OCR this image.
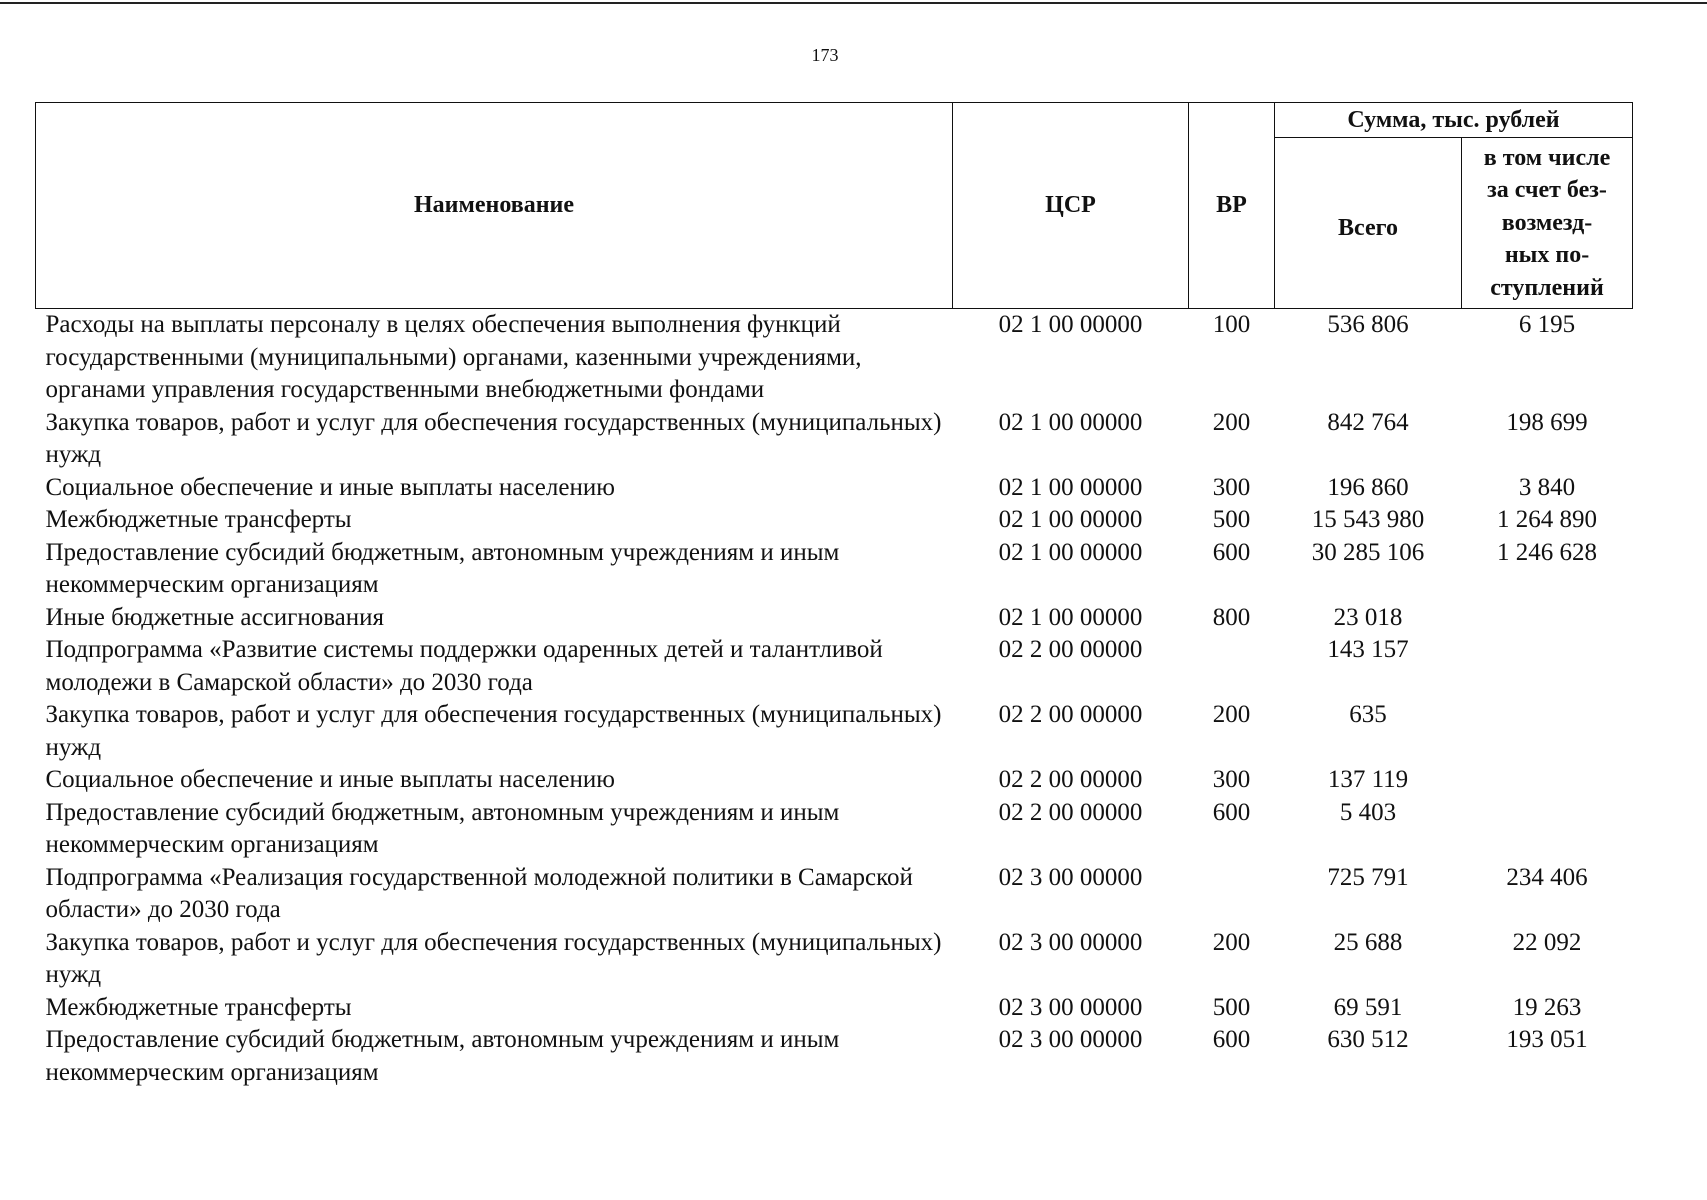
173
Наименование	ЦСР	ВР	Сумма, тыс. рублей	
			Всего	в том числе
за счет без-
возмезд-
ных по-
ступлений
Расходы на выплаты персоналу в целях обеспечения выполнения функций государственными (муниципальными) органами, казенными учреждениями, органами управления государственными внебюджетными фондами	02 1 00 00000	100	536 806	6 195
Закупка товаров, работ и услуг для обеспечения государственных (муниципальных) нужд	02 1 00 00000	200	842 764	198 699
Социальное обеспечение и иные выплаты населению	02 1 00 00000	300	196 860	3 840
Межбюджетные трансферты	02 1 00 00000	500	15 543 980	1 264 890
Предоставление субсидий бюджетным, автономным учреждениям и иным некоммерческим организациям	02 1 00 00000	600	30 285 106	1 246 628
Иные бюджетные ассигнования	02 1 00 00000	800	23 018	
Подпрограмма «Развитие системы поддержки одаренных детей и талантливой молодежи в Самарской области» до 2030 года	02 2 00 00000		143 157	
Закупка товаров, работ и услуг для обеспечения государственных (муниципальных) нужд	02 2 00 00000	200	635	
Социальное обеспечение и иные выплаты населению	02 2 00 00000	300	137 119	
Предоставление субсидий бюджетным, автономным учреждениям и иным некоммерческим организациям	02 2 00 00000	600	5 403	
Подпрограмма «Реализация государственной молодежной политики в Самарской области» до 2030 года	02 3 00 00000		725 791	234 406
Закупка товаров, работ и услуг для обеспечения государственных (муниципальных) нужд	02 3 00 00000	200	25 688	22 092
Межбюджетные трансферты	02 3 00 00000	500	69 591	19 263
Предоставление субсидий бюджетным, автономным учреждениям и иным некоммерческим организациям	02 3 00 00000	600	630 512	193 051
